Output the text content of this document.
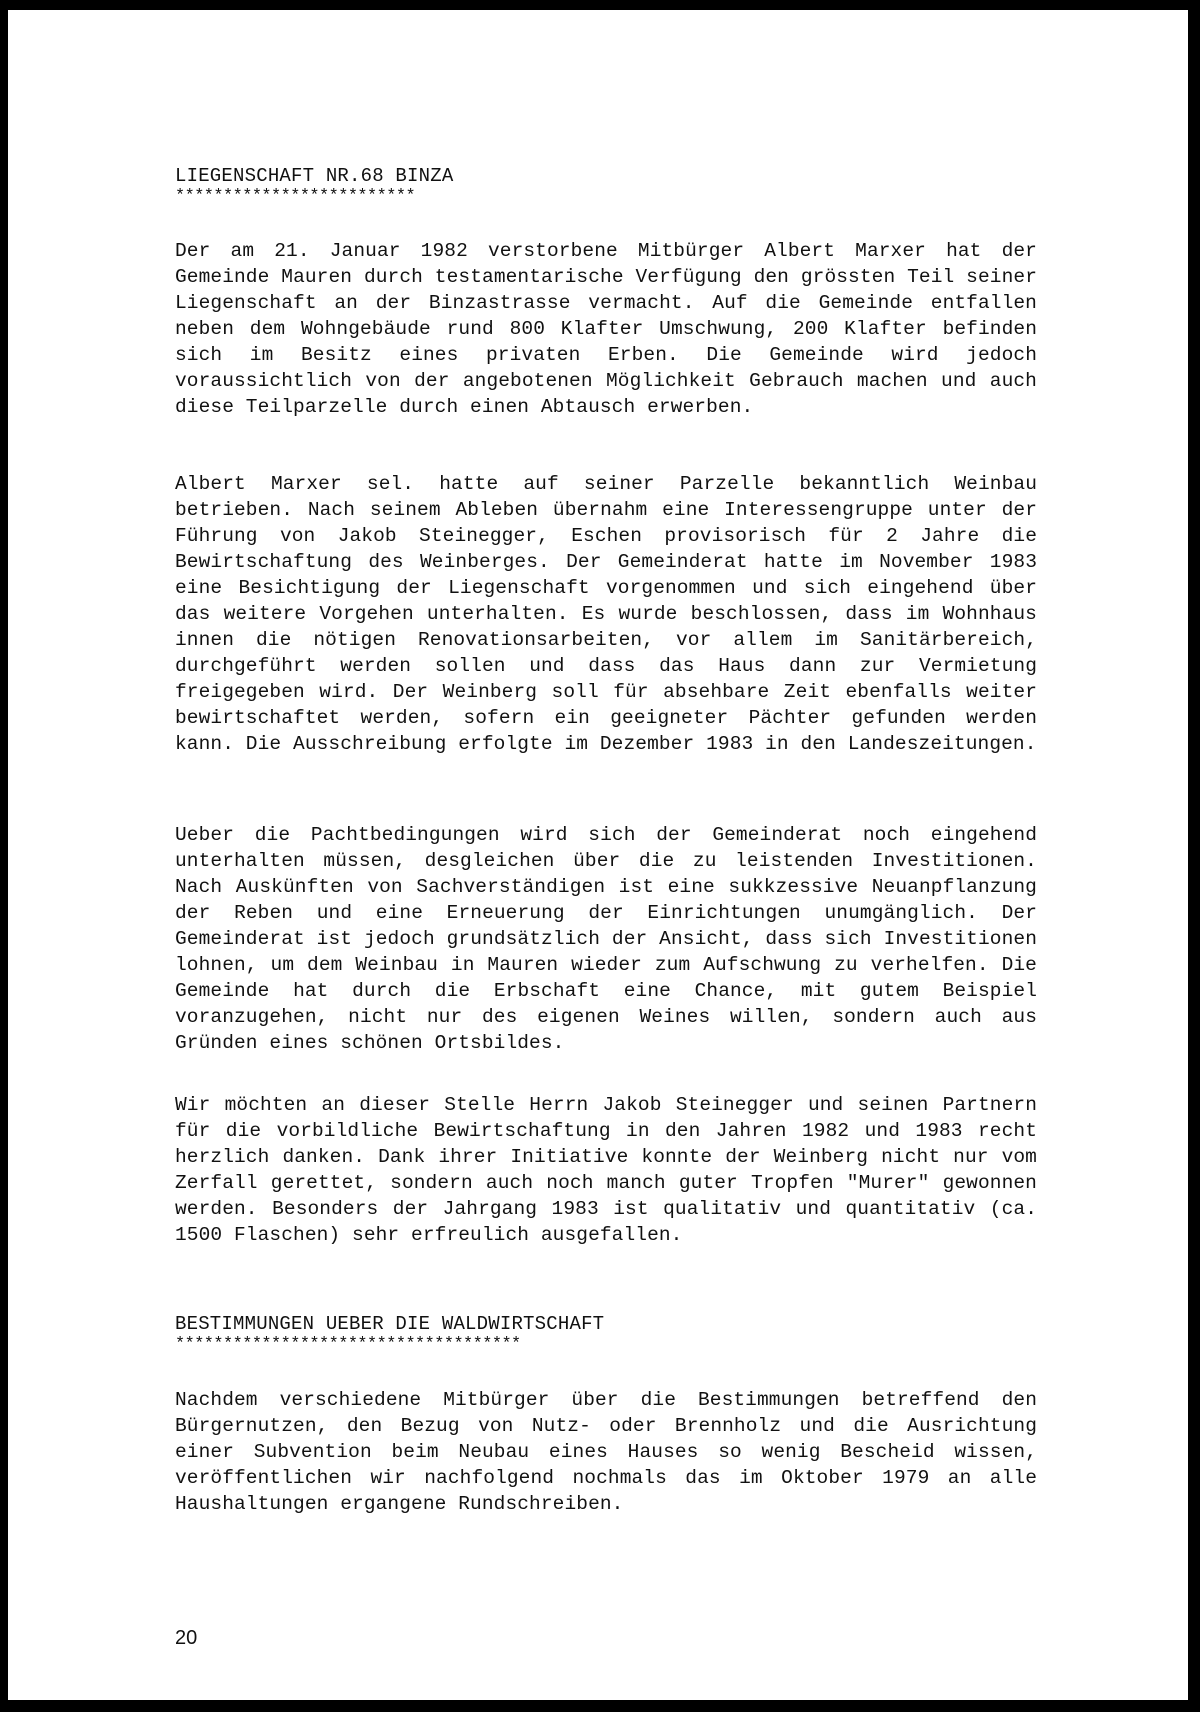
LIEGENSCHAFT NR.68 BINZA
*************************
Der am 21. Januar 1982 verstorbene Mitbürger Albert Marxer hat der Gemeinde Mauren durch testamentarische Verfügung den grössten Teil seiner Liegenschaft an der Binzastrasse vermacht. Auf die Gemeinde entfallen neben dem Wohngebäude rund 800 Klafter Umschwung, 200 Klafter befinden sich im Besitz eines privaten Erben. Die Gemeinde wird jedoch voraussichtlich von der angebotenen Möglichkeit Gebrauch machen und auch diese Teilparzelle durch einen Abtausch erwerben.
Albert Marxer sel. hatte auf seiner Parzelle bekanntlich Weinbau betrieben. Nach seinem Ableben übernahm eine Interessengruppe unter der Führung von Jakob Steinegger, Eschen provisorisch für 2 Jahre die Bewirtschaftung des Weinberges. Der Gemeinderat hatte im November 1983 eine Besichtigung der Liegenschaft vorgenommen und sich eingehend über das weitere Vorgehen unterhalten. Es wurde beschlossen, dass im Wohnhaus innen die nötigen Renovationsarbeiten, vor allem im Sanitärbereich, durchgeführt werden sollen und dass das Haus dann zur Vermietung freigegeben wird. Der Weinberg soll für absehbare Zeit ebenfalls weiter bewirtschaftet werden, sofern ein geeigneter Pächter gefunden werden kann. Die Ausschreibung erfolgte im Dezember 1983 in den Landeszeitungen.
Ueber die Pachtbedingungen wird sich der Gemeinderat noch eingehend unterhalten müssen, desgleichen über die zu leistenden Investitionen. Nach Auskünften von Sachverständigen ist eine sukkzessive Neuanpflanzung der Reben und eine Erneuerung der Einrichtungen unumgänglich. Der Gemeinderat ist jedoch grundsätzlich der Ansicht, dass sich Investitionen lohnen, um dem Weinbau in Mauren wieder zum Aufschwung zu verhelfen. Die Gemeinde hat durch die Erbschaft eine Chance, mit gutem Beispiel voranzugehen, nicht nur des eigenen Weines willen, sondern auch aus Gründen eines schönen Ortsbildes.
Wir möchten an dieser Stelle Herrn Jakob Steinegger und seinen Partnern für die vorbildliche Bewirtschaftung in den Jahren 1982 und 1983 recht herzlich danken. Dank ihrer Initiative konnte der Weinberg nicht nur vom Zerfall gerettet, sondern auch noch manch guter Tropfen "Murer" gewonnen werden. Besonders der Jahrgang 1983 ist qualitativ und quantitativ (ca. 1500 Flaschen) sehr erfreulich ausgefallen.
BESTIMMUNGEN UEBER DIE WALDWIRTSCHAFT
************************************
Nachdem verschiedene Mitbürger über die Bestimmungen betreffend den Bürgernutzen, den Bezug von Nutz- oder Brennholz und die Ausrichtung einer Subvention beim Neubau eines Hauses so wenig Bescheid wissen, veröffentlichen wir nachfolgend nochmals das im Oktober 1979 an alle Haushaltungen ergangene Rundschreiben.
20
